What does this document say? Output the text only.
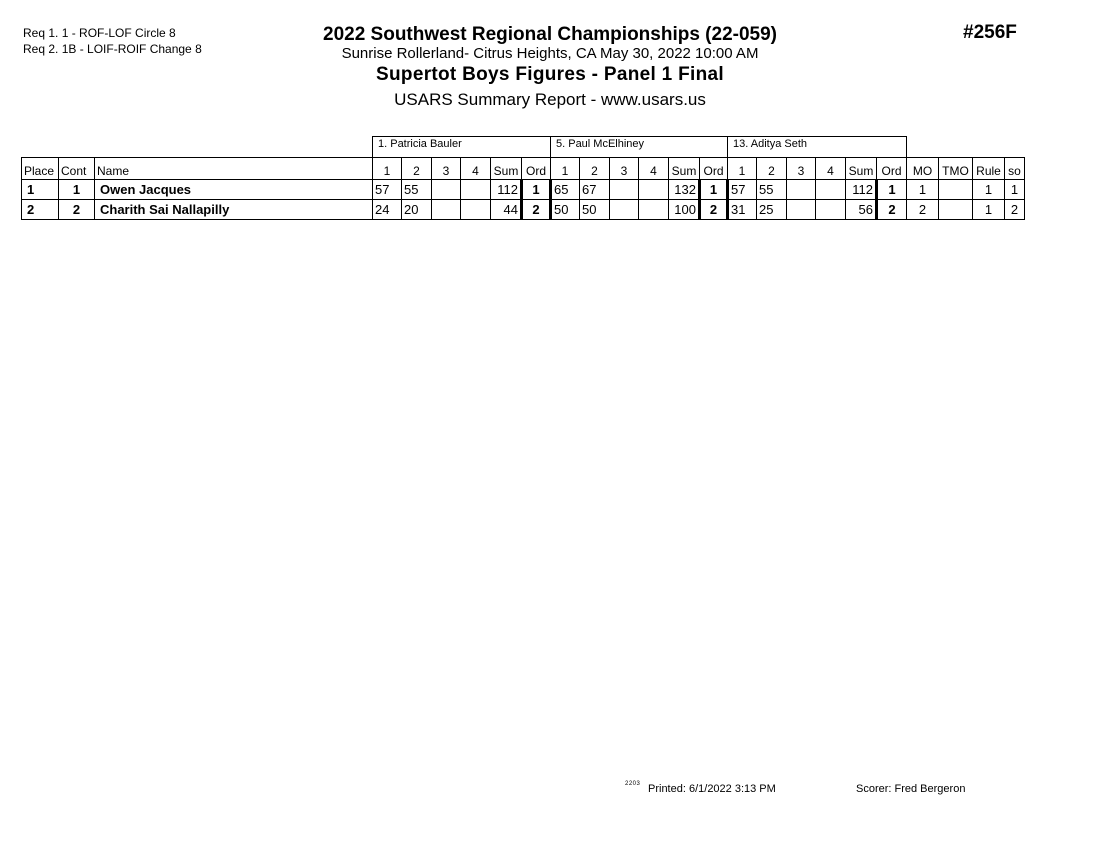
Req 1. 1 - ROF-LOF Circle 8
Req 2. 1B - LOIF-ROIF Change 8
2022 Southwest Regional Championships (22-059)
Sunrise Rollerland- Citrus Heights, CA May 30, 2022 10:00 AM
Supertot Boys Figures - Panel 1 Final
USARS Summary Report - www.usars.us
#256F
			1. Patricia Bauler						5. Paul McElhiney						13. Aditya Seth									
Place	Cont	Name	1	2	3	4	Sum	Ord	1	2	3	4	Sum	Ord	1	2	3	4	Sum	Ord	MO	TMO	Rule	so
1	1	Owen Jacques	57	55			112	1	65	67			132	1	57	55			112	1	1		1	1
2	2	Charith Sai Nallapilly	24	20			44	2	50	50			100	2	31	25			56	2	2		1	2
2203 Printed: 6/1/2022 3:13 PM	Scorer: Fred Bergeron
